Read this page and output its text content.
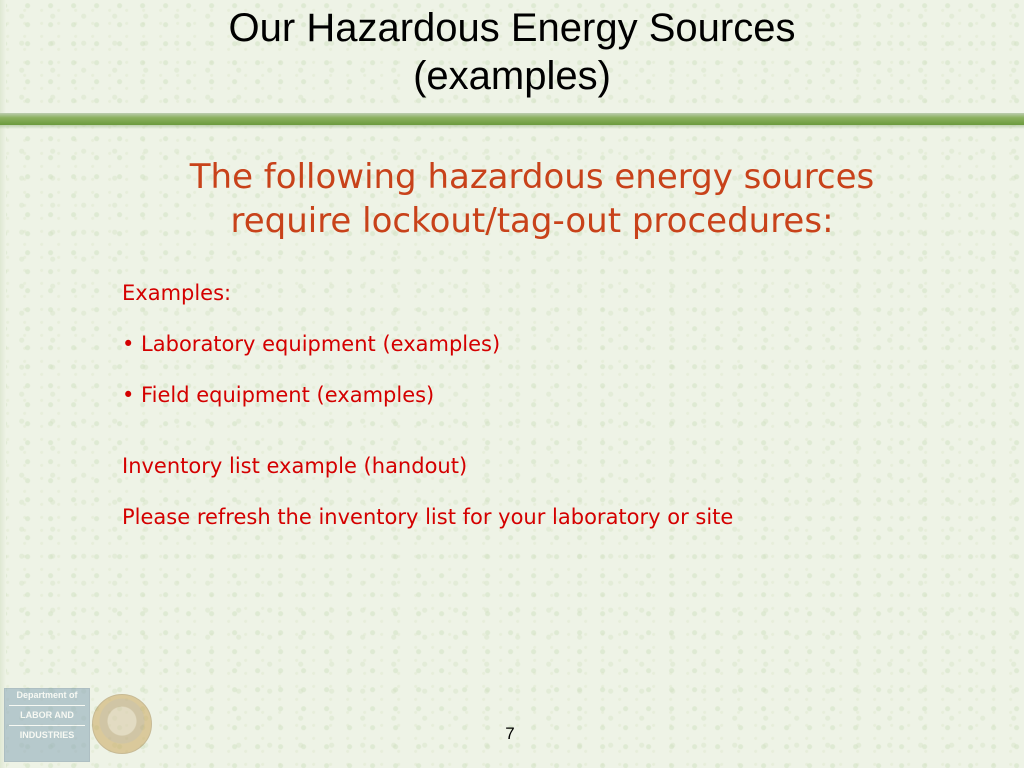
Our Hazardous Energy Sources
(examples)
The following hazardous energy sources
require lockout/tag-out procedures:
Examples:
• Laboratory equipment (examples)
• Field equipment (examples)
Inventory list example (handout)
Please refresh the inventory list for your laboratory or site
Department of
LABOR AND
INDUSTRIES	7
